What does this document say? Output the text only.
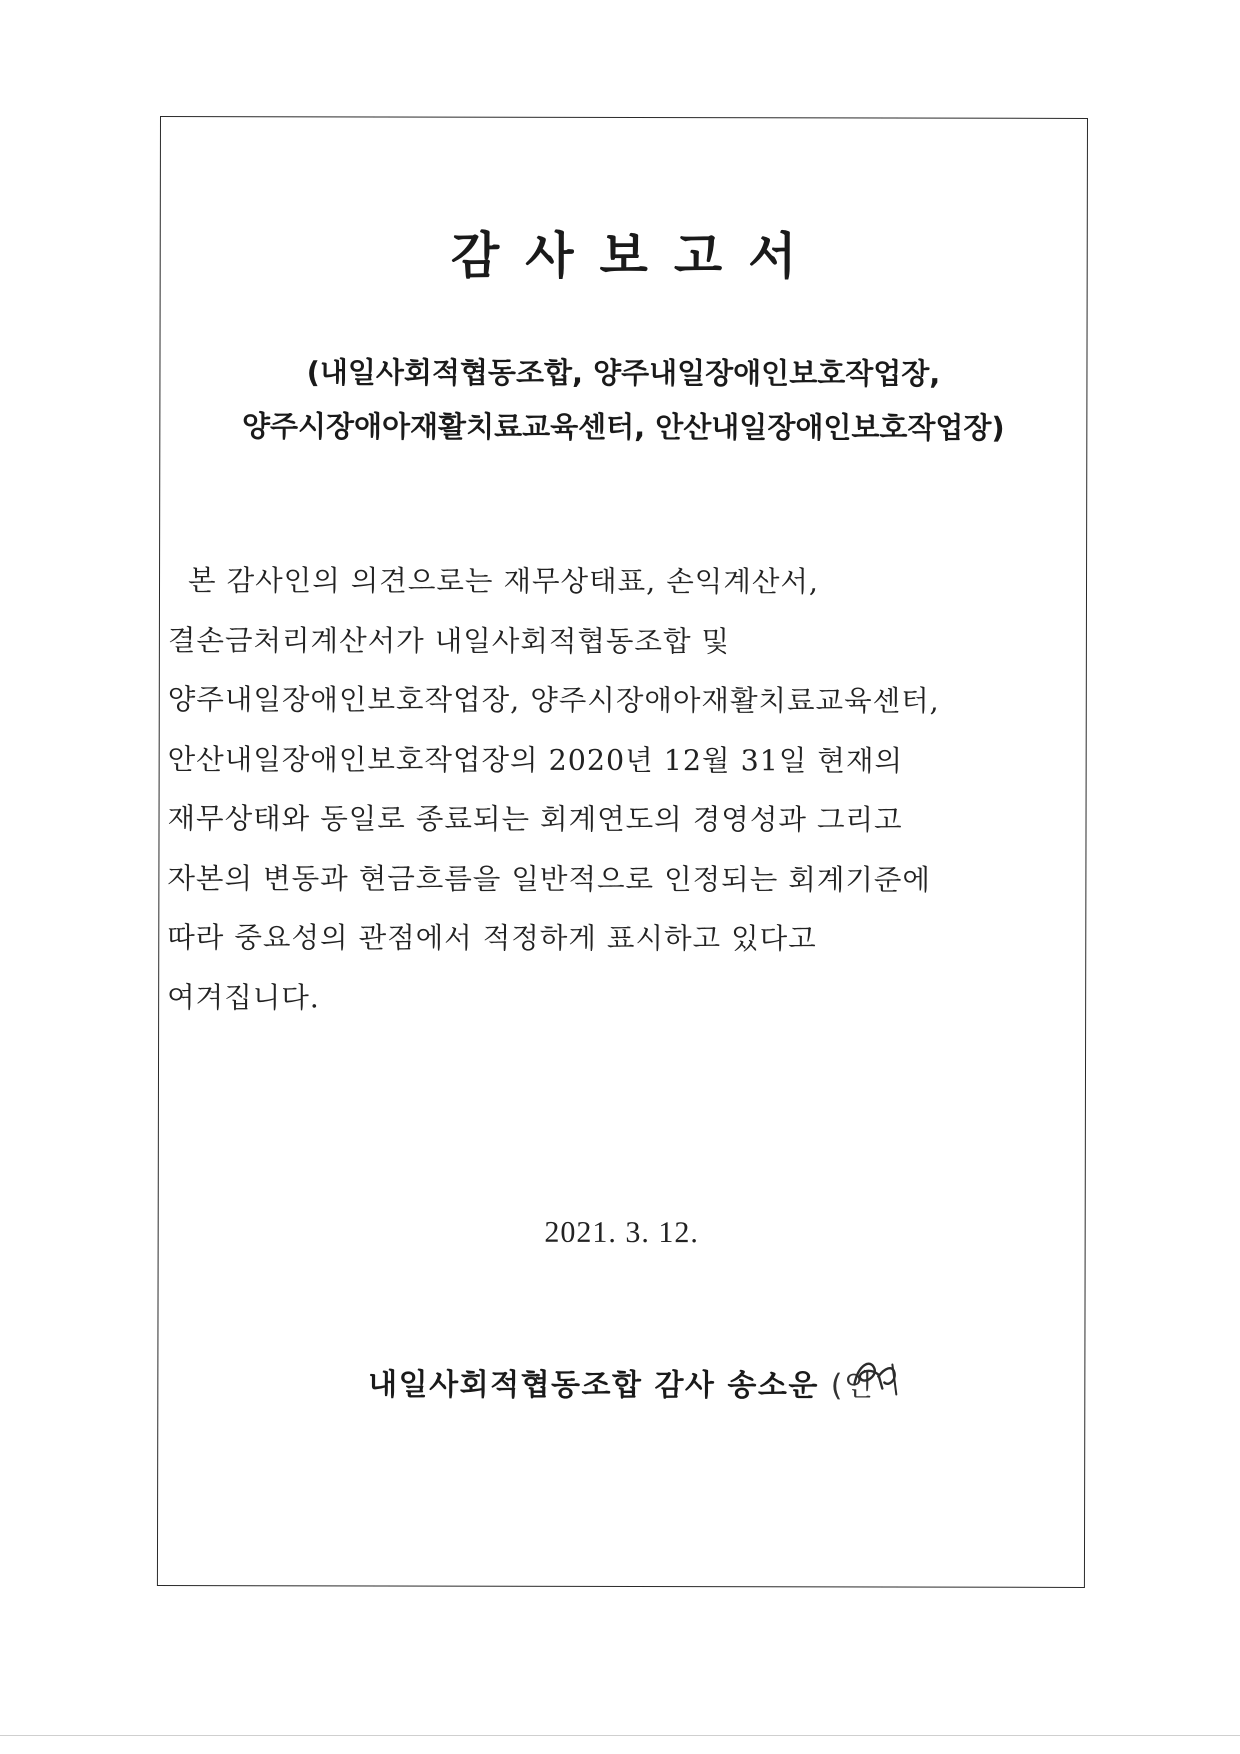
감사보고서
(내일사회적협동조합, 양주내일장애인보호작업장,
양주시장애아재활치료교육센터, 안산내일장애인보호작업장)
본 감사인의 의견으로는 재무상태표, 손익계산서,
결손금처리계산서가 내일사회적협동조합 및
양주내일장애인보호작업장, 양주시장애아재활치료교육센터,
안산내일장애인보호작업장의 2020년 12월 31일 현재의
재무상태와 동일로 종료되는 회계연도의 경영성과 그리고
자본의 변동과 현금흐름을 일반적으로 인정되는 회계기준에
따라 중요성의 관점에서 적정하게 표시하고 있다고
여겨집니다.
2021. 3. 12.
내일사회적협동조합 감사 송소운 (인
